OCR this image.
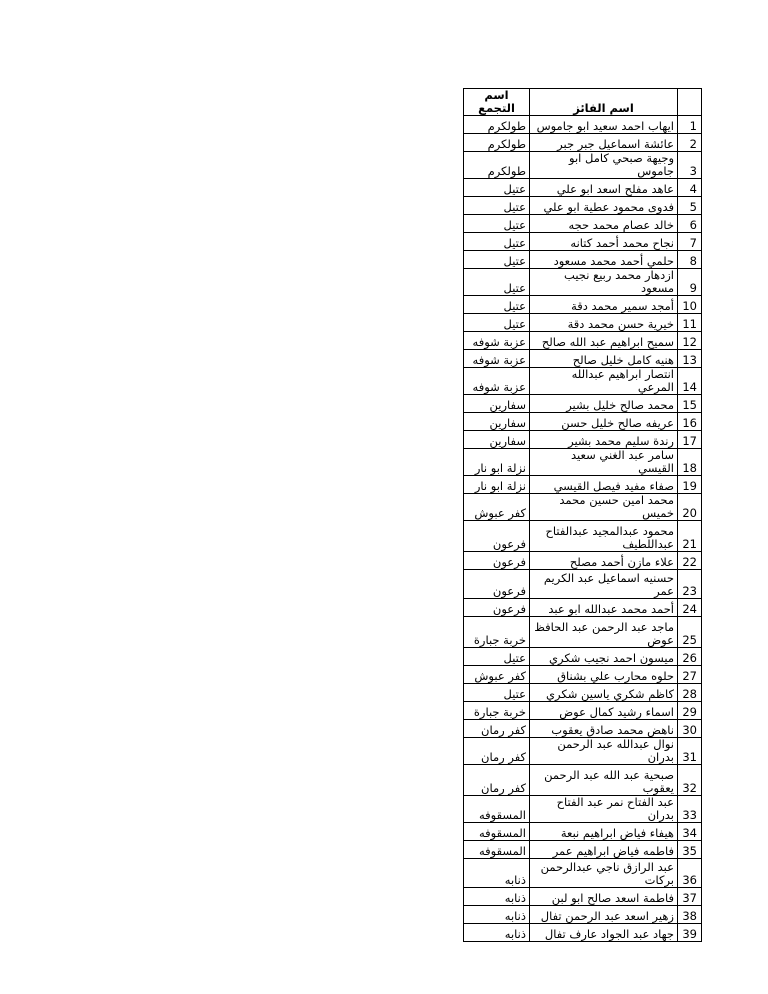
اسم التجمع	اسم الفائز	
طولكرم	ايهاب احمد سعيد ابو جاموس	1
طولكرم	عائشة اسماعيل جبر جبر	2
طولكرم	وجيهة صبحي كامل ابو جاموس	3
عتيل	عاهد مفلح اسعد ابو علي	4
عتيل	فدوى محمود عطية ابو علي	5
عتيل	خالد عصام محمد حجه	6
عتيل	نجاح محمد أحمد كتانه	7
عتيل	حلمي أحمد محمد مسعود	8
عتيل	ازدهار محمد ربيع نجيب مسعود	9
عتيل	أمجد سمير محمد دقة	10
عتيل	خيرية حسن محمد دقة	11
عزبة شوفه	سميح ابراهيم عبد الله صالح	12
عزبة شوفه	هنيه كامل خليل صالح	13
عزبة شوفه	انتصار ابراهيم عبدالله المرعي	14
سفارين	محمد صالح خليل بشير	15
سفارين	عريفه صالح خليل حسن	16
سفارين	رندة سليم محمد بشير	17
نزلة ابو نار	سامر عبد الغني سعيد القيسي	18
نزلة ابو نار	صفاء مفيد فيصل القيسي	19
كفر عبوش	محمد امين حسين محمد خميس	20
فرعون	محمود عبدالمجيد عبدالفتاح عبداللطيف	21
فرعون	علاء مازن أحمد مصلح	22
فرعون	حسنيه اسماعيل عبد الكريم عمر	23
فرعون	أحمد محمد عبدالله ابو عبد	24
خربة جبارة	ماجد عبد الرحمن عبد الحافظ عوض	25
عتيل	ميسون احمد نجيب شكري	26
كفر عبوش	حلوه محارب علي بشناق	27
عتيل	كاظم شكري ياسين شكري	28
خربة جبارة	اسماء رشيد كمال عوض	29
كفر رمان	ناهض محمد صادق يعقوب	30
كفر رمان	نوال عبدالله عبد الرحمن بدران	31
كفر رمان	صبحية عبد الله عبد الرحمن يعقوب	32
المسقوفه	عبد الفتاح نمر عبد الفتاح بدران	33
المسقوفه	هيفاء فياض ابراهيم نبعة	34
المسقوفه	فاطمه فياض ابراهيم عمر	35
ذنابه	عبد الرازق ناجي عبدالرحمن بركات	36
ذنابه	فاطمة اسعد صالح ابو لبن	37
ذنابه	زهير اسعد عبد الرحمن تفال	38
ذنابه	جهاد عبد الجواد عارف تفال	39
